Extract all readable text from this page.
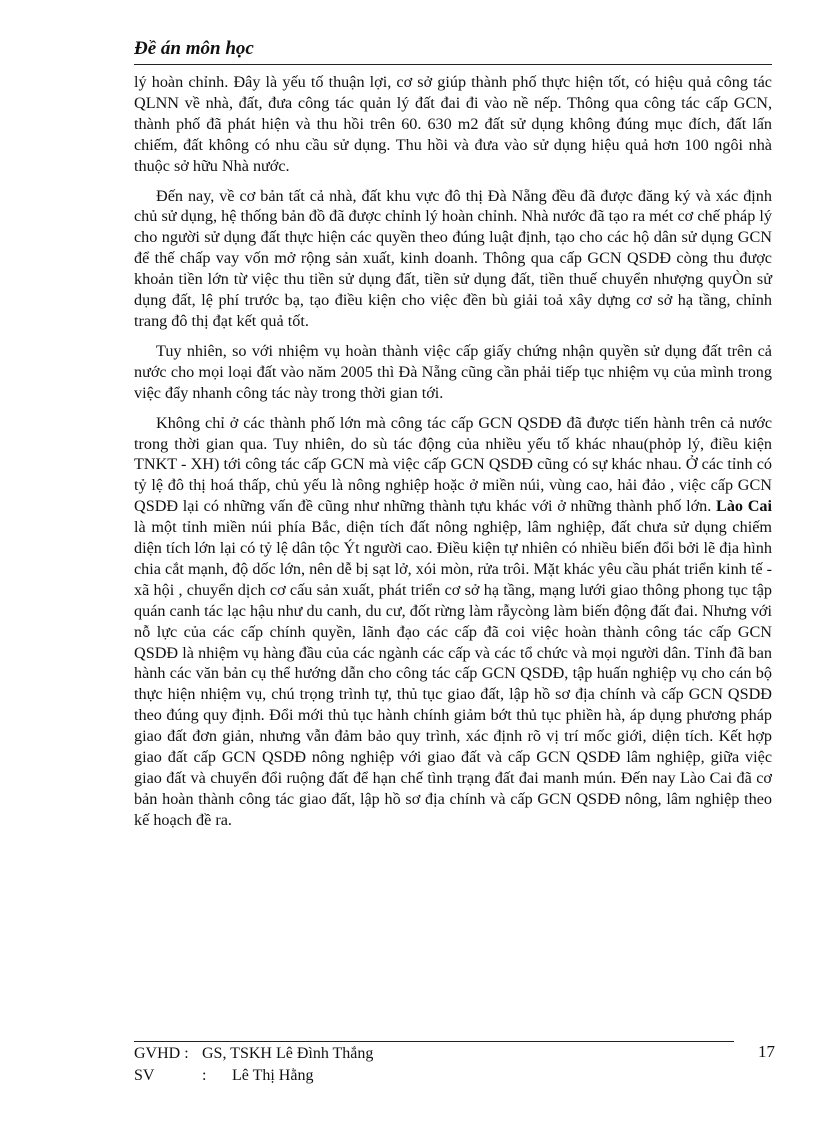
Đề án môn học

lý hoàn chỉnh. Đây là yếu tố thuận lợi, cơ sở giúp thành phố thực hiện tốt, có hiệu quả công tác QLNN về nhà, đất, đưa công tác quản lý đất đai đi vào nề nếp. Thông qua công tác cấp GCN, thành phố đã phát hiện và thu hồi trên 60. 630 m2 đất sử dụng không đúng mục đích, đất lấn chiếm, đất không có nhu cầu sử dụng. Thu hồi và đưa vào sử dụng hiệu quả hơn 100 ngôi nhà thuộc sở hữu Nhà nước.

Đến nay, về cơ bản tất cả nhà, đất khu vực đô thị Đà Nẵng đều đã được đăng ký và xác định chủ sử dụng, hệ thống bản đồ đã được chỉnh lý hoàn chỉnh. Nhà nước đã tạo ra mét cơ chế pháp lý cho người sử dụng đất thực hiện các quyền theo đúng luật định, tạo cho các hộ dân sử dụng GCN để thế chấp vay vốn mở rộng sản xuất, kinh doanh. Thông qua cấp GCN QSDĐ còng thu được khoản tiền lớn từ việc thu tiền sử dụng đất, tiền sử dụng đất, tiền thuế chuyển nhượng quyÒn sử dụng đất, lệ phí trước bạ, tạo điều kiện cho việc đền bù giải toả xây dựng cơ sở hạ tầng, chỉnh trang đô thị đạt kết quả tốt.

Tuy nhiên, so với nhiệm vụ hoàn thành việc cấp giấy chứng nhận quyền sử dụng đất trên cả nước cho mọi loại đất vào năm 2005 thì Đà Nẵng cũng cần phải tiếp tục nhiệm vụ của mình trong việc đẩy nhanh công tác này trong thời gian tới.

Không chỉ ở các thành phố lớn mà công tác cấp GCN QSDĐ đã được tiến hành trên cả nước trong thời gian qua. Tuy nhiên, do sù tác động của nhiều yếu tố khác nhau(phỏp lý, điều kiện TNKT - XH) tới công tác cấp GCN mà việc cấp GCN QSDĐ cũng có sự khác nhau. Ở các tỉnh có tỷ lệ đô thị hoá thấp, chủ yếu là nông nghiệp hoặc ở miền núi, vùng cao, hải đảo , việc cấp GCN QSDĐ lại có những vấn đề cũng như những thành tựu khác với ở những thành phố lớn. Lào Cai là một tỉnh miền núi phía Bắc, diện tích đất nông nghiệp, lâm nghiệp, đất chưa sử dụng chiếm diện tích lớn lại có tỷ lệ dân tộc Ýt người cao. Điều kiện tự nhiên có nhiều biến đổi bởi lẽ địa hình chia cắt mạnh, độ dốc lớn, nên dễ bị sạt lở, xói mòn, rửa trôi. Mặt khác yêu cầu phát triển kinh tế - xã hội , chuyển dịch cơ cấu sản xuất, phát triển cơ sở hạ tầng, mạng lưới giao thông phong tục tập quán canh tác lạc hậu như du canh, du cư, đốt rừng làm rẫycòng làm biến động đất đai. Nhưng với nỗ lực của các cấp chính quyền, lãnh đạo các cấp đã coi việc hoàn thành công tác cấp GCN QSDĐ là nhiệm vụ hàng đầu của các ngành các cấp và các tổ chức và mọi người dân. Tỉnh đã ban hành các văn bản cụ thể hướng dẫn cho công tác cấp GCN QSDĐ, tập huấn nghiệp vụ cho cán bộ thực hiện nhiệm vụ, chú trọng trình tự, thủ tục giao đất, lập hồ sơ địa chính và cấp GCN QSDĐ theo đúng quy định. Đổi mới thủ tục hành chính giảm bớt thủ tục phiền hà, áp dụng phương pháp giao đất đơn giản, nhưng vẫn đảm bảo quy trình, xác định rõ vị trí mốc giới, diện tích. Kết hợp giao đất cấp GCN QSDĐ nông nghiệp với giao đất và cấp GCN QSDĐ lâm nghiệp, giữa việc giao đất và chuyển đổi ruộng đất để hạn chế tình trạng đất đai manh mún. Đến nay Lào Cai đã cơ bản hoàn thành công tác giao đất, lập hồ sơ địa chính và cấp GCN QSDĐ nông, lâm nghiệp theo kế hoạch đề ra.

GVHD : GS, TSKH Lê Đình Thắng
SV	: Lê Thị Hằng
17
